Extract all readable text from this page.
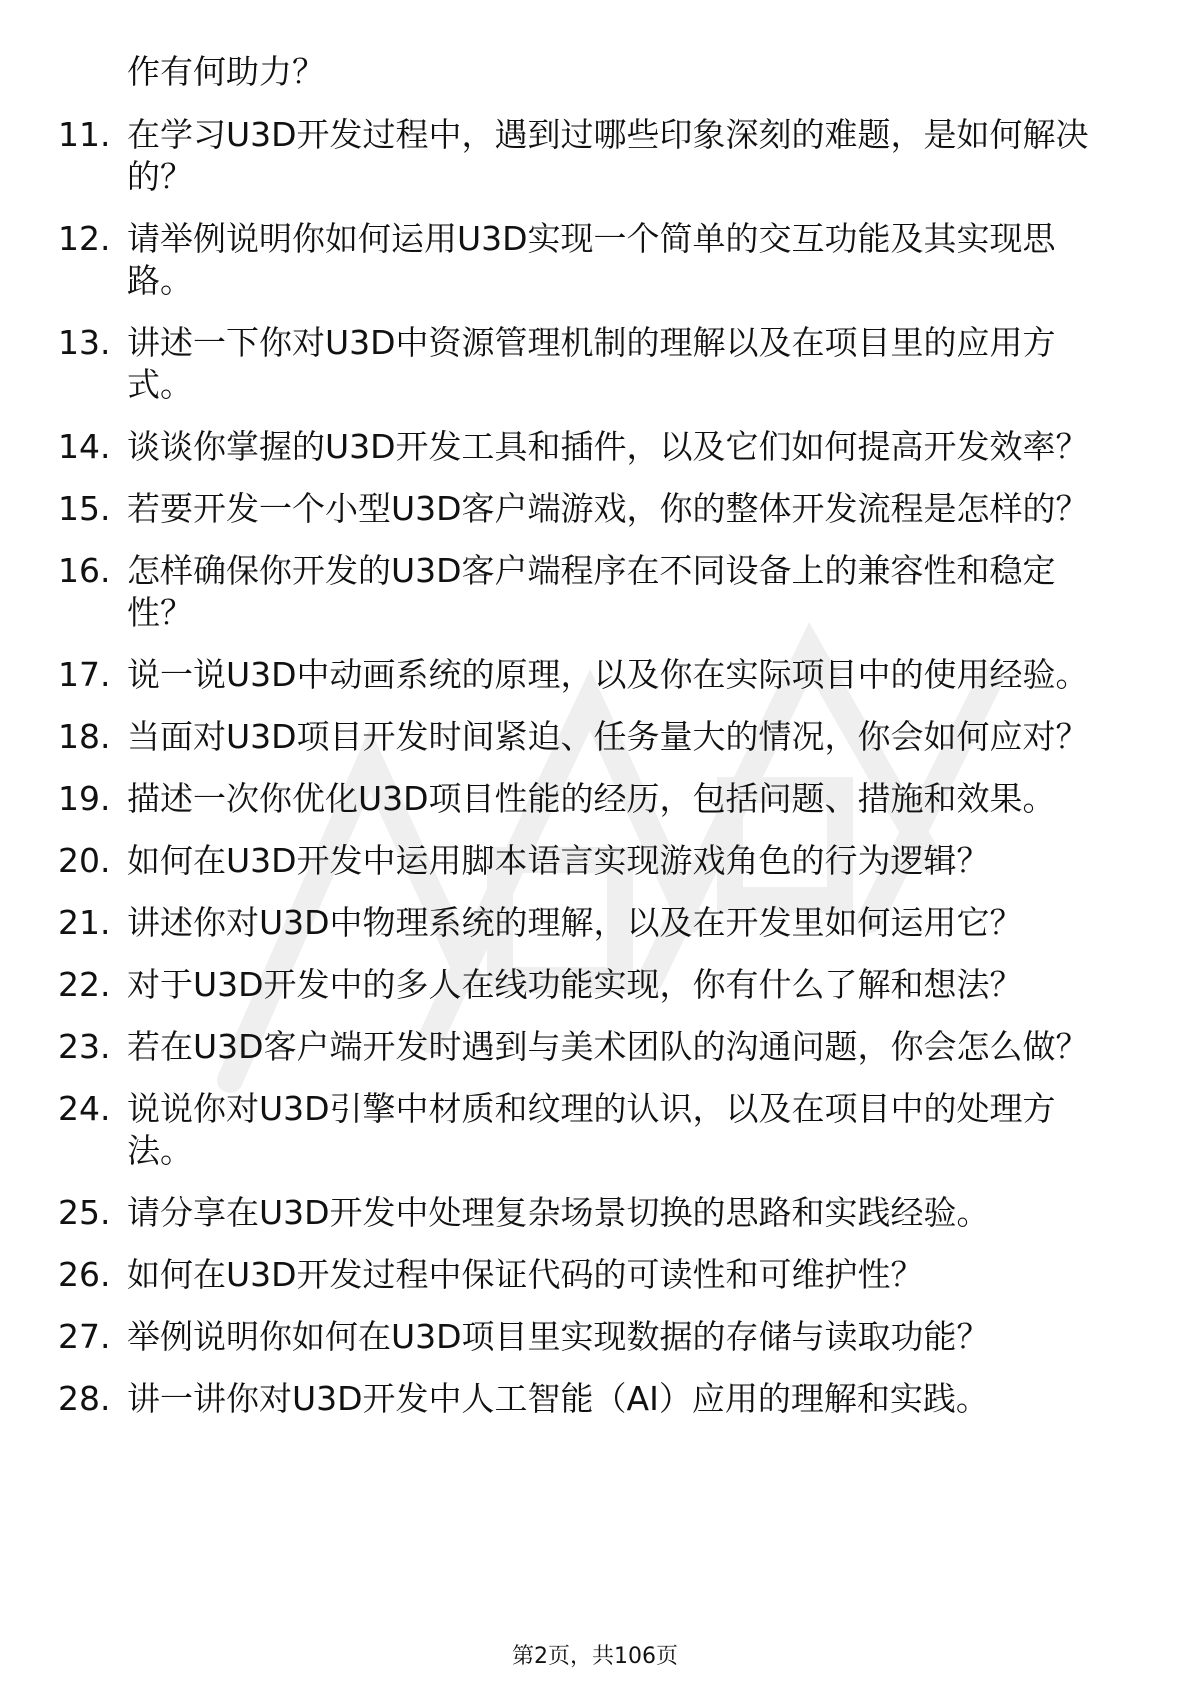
作有何助力？
11. 在学习U3D开发过程中，遇到过哪些印象深刻的难题，是如何解决的？
12. 请举例说明你如何运用U3D实现一个简单的交互功能及其实现思路。
13. 讲述一下你对U3D中资源管理机制的理解以及在项目里的应用方式。
14. 谈谈你掌握的U3D开发工具和插件，以及它们如何提高开发效率？
15. 若要开发一个小型U3D客户端游戏，你的整体开发流程是怎样的？
16. 怎样确保你开发的U3D客户端程序在不同设备上的兼容性和稳定性？
17. 说一说U3D中动画系统的原理，以及你在实际项目中的使用经验。
18. 当面对U3D项目开发时间紧迫、任务量大的情况，你会如何应对？
19. 描述一次你优化U3D项目性能的经历，包括问题、措施和效果。
20. 如何在U3D开发中运用脚本语言实现游戏角色的行为逻辑？
21. 讲述你对U3D中物理系统的理解，以及在开发里如何运用它？
22. 对于U3D开发中的多人在线功能实现，你有什么了解和想法？
23. 若在U3D客户端开发时遇到与美术团队的沟通问题，你会怎么做？
24. 说说你对U3D引擎中材质和纹理的认识，以及在项目中的处理方法。
25. 请分享在U3D开发中处理复杂场景切换的思路和实践经验。
26. 如何在U3D开发过程中保证代码的可读性和可维护性？
27. 举例说明你如何在U3D项目里实现数据的存储与读取功能？
28. 讲一讲你对U3D开发中人工智能（AI）应用的理解和实践。
第2页，共106页
